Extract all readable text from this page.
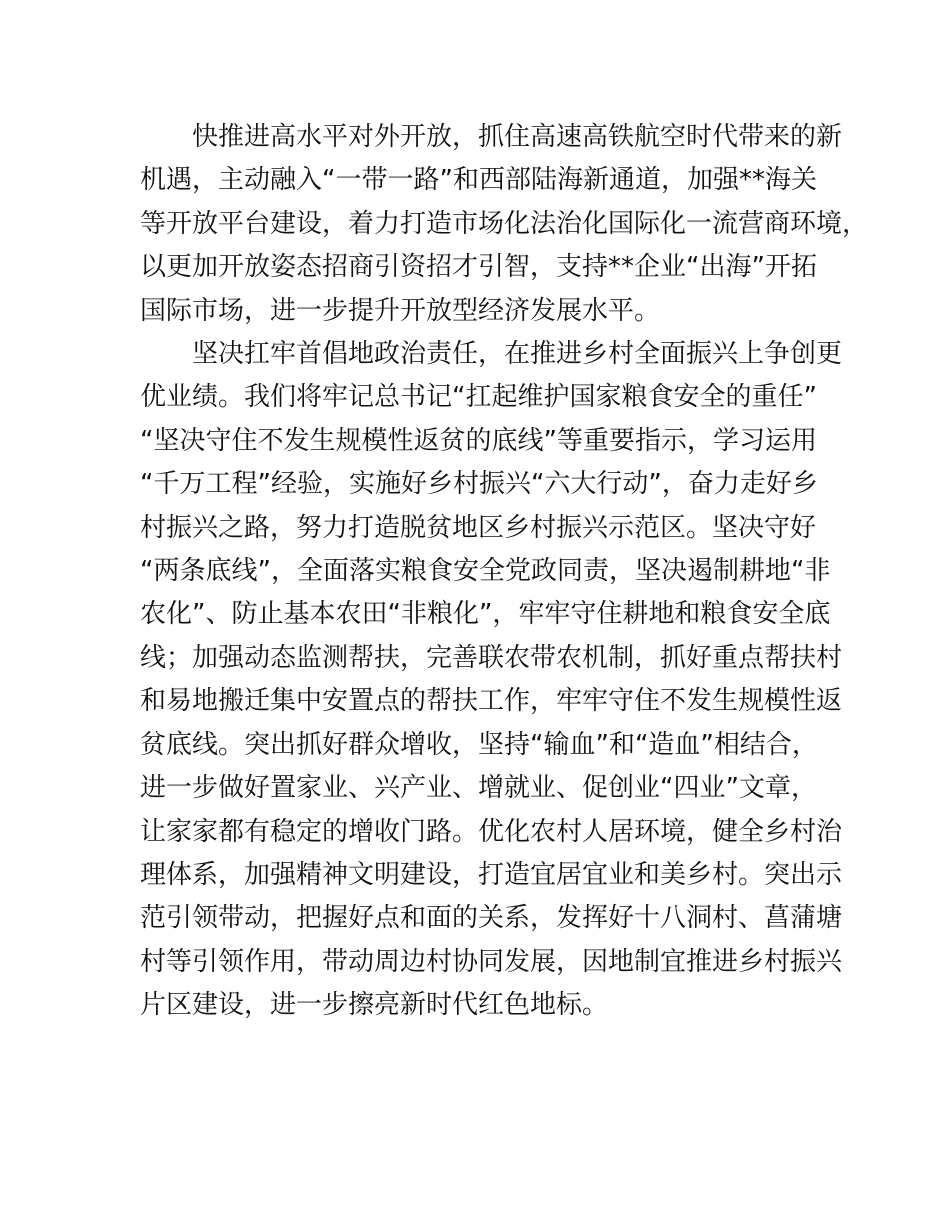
快推进高水平对外开放，抓住高速高铁航空时代带来的新
机遇，主动融入“一带一路”和西部陆海新通道，加强**海关
等开放平台建设，着力打造市场化法治化国际化一流营商环境，
以更加开放姿态招商引资招才引智，支持**企业“出海”开拓
国际市场，进一步提升开放型经济发展水平。
坚决扛牢首倡地政治责任，在推进乡村全面振兴上争创更
优业绩。我们将牢记总书记“扛起维护国家粮食安全的重任”
“坚决守住不发生规模性返贫的底线”等重要指示，学习运用
“千万工程”经验，实施好乡村振兴“六大行动”，奋力走好乡
村振兴之路，努力打造脱贫地区乡村振兴示范区。坚决守好
“两条底线”，全面落实粮食安全党政同责，坚决遏制耕地“非
农化”、防止基本农田“非粮化”，牢牢守住耕地和粮食安全底
线；加强动态监测帮扶，完善联农带农机制，抓好重点帮扶村
和易地搬迁集中安置点的帮扶工作，牢牢守住不发生规模性返
贫底线。突出抓好群众增收，坚持“输血”和“造血”相结合，
进一步做好置家业、兴产业、增就业、促创业“四业”文章，
让家家都有稳定的增收门路。优化农村人居环境，健全乡村治
理体系，加强精神文明建设，打造宜居宜业和美乡村。突出示
范引领带动，把握好点和面的关系，发挥好十八洞村、菖蒲塘
村等引领作用，带动周边村协同发展，因地制宜推进乡村振兴
片区建设，进一步擦亮新时代红色地标。
